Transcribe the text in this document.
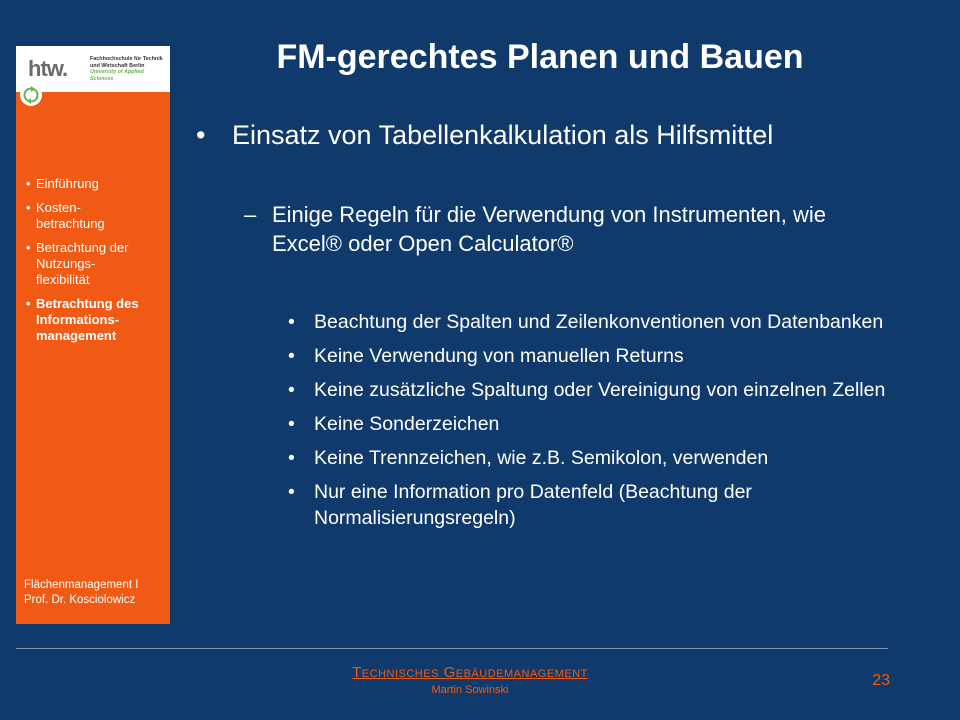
htw.	Fachhochschule für Technik
und Wirtschaft Berlin
University of Applied Sciences
• Einführung
• Kosten-
betrachtung
• Betrachtung der
Nutzungs-
flexibilität
• Betrachtung des
Informations-
management
Flächenmanagement I
Prof. Dr. Kosciolowicz
FM-gerechtes Planen und Bauen
• Einsatz von Tabellenkalkulation als Hilfsmittel
– Einige Regeln für die Verwendung von Instrumenten, wie Excel® oder Open Calculator®
• Beachtung der Spalten und Zeilenkonventionen von Datenbanken
• Keine Verwendung von manuellen Returns
• Keine zusätzliche Spaltung oder Vereinigung von einzelnen Zellen
• Keine Sonderzeichen
• Keine Trennzeichen, wie z.B. Semikolon, verwenden
• Nur eine Information pro Datenfeld (Beachtung der Normalisierungsregeln)
Technisches Gebäudemanagement
Martin Sowinski
23
